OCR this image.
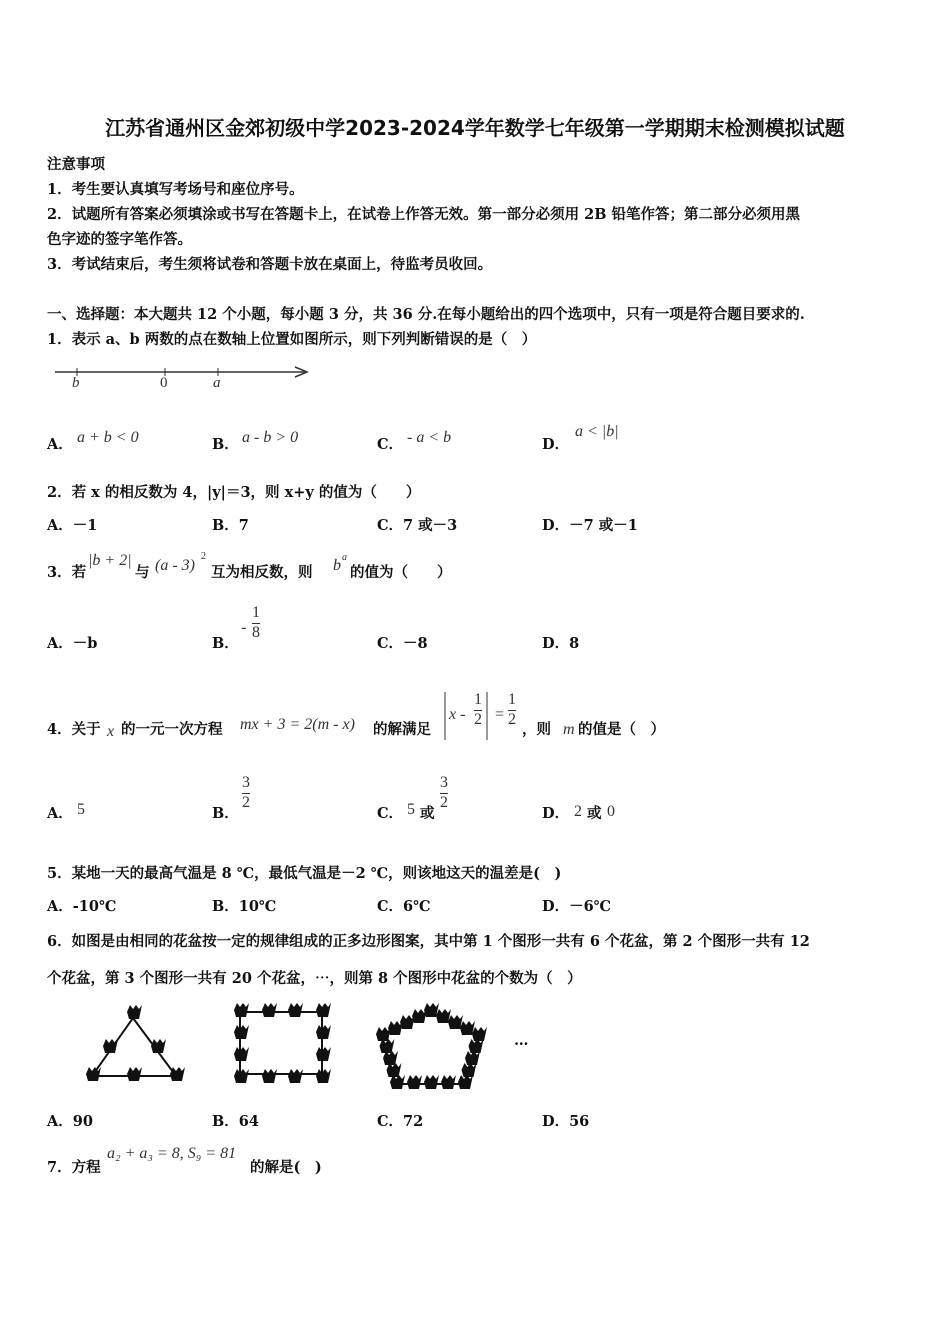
江苏省通州区金郊初级中学2023-2024学年数学七年级第一学期期末检测模拟试题
注意事项
1．考生要认真填写考场号和座位序号。
2．试题所有答案必须填涂或书写在答题卡上，在试卷上作答无效。第一部分必须用 2B 铅笔作答；第二部分必须用黑
色字迹的签字笔作答。
3．考试结束后，考生须将试卷和答题卡放在桌面上，待监考员收回。
一、选择题：本大题共 12 个小题，每小题 3 分，共 36 分.在每小题给出的四个选项中，只有一项是符合题目要求的.
1．表示 a、b 两数的点在数轴上位置如图所示，则下列判断错误的是（　）
b	0	a
A． a + b < 0	B． a - b > 0	C． - a < b	D．
a < |b|
2．若 x 的相反数为 4，|y|＝3，则 x+y 的值为（　　）
A．－1	B．7	C．7 或－3	D．－7 或－1
3．若
|b + 2|
与 (a - 3)
2
互为相反数，则 b a
的值为（　　）
A．－b	B．
- $\frac{1}{8}$
C．－8	D．8
4．关于 x 的一元一次方程 mx + 3 = 2(m - x) 的解满足
$x - \frac{1}{2} = \frac{1}{2}$
，则 m 的值是（　）
A． 5	B．
$\frac{3}{2}$
C． 5 或
$\frac{3}{2}$
D． 2 或 0
5．某地一天的最高气温是 8 ℃，最低气温是－2 ℃，则该地这天的温差是(　)
A．-10℃	B．10℃	C．6℃	D．－6℃
6．如图是由相同的花盆按一定的规律组成的正多边形图案，其中第 1 个图形一共有 6 个花盆，第 2 个图形一共有 12
个花盆，第 3 个图形一共有 20 个花盆，⋯，则第 8 个图形中花盆的个数为（　）
…
A．90	B．64	C．72	D．56
7．方程
a₂ + a₃ = 8, S₉ = 81
的解是(　)
